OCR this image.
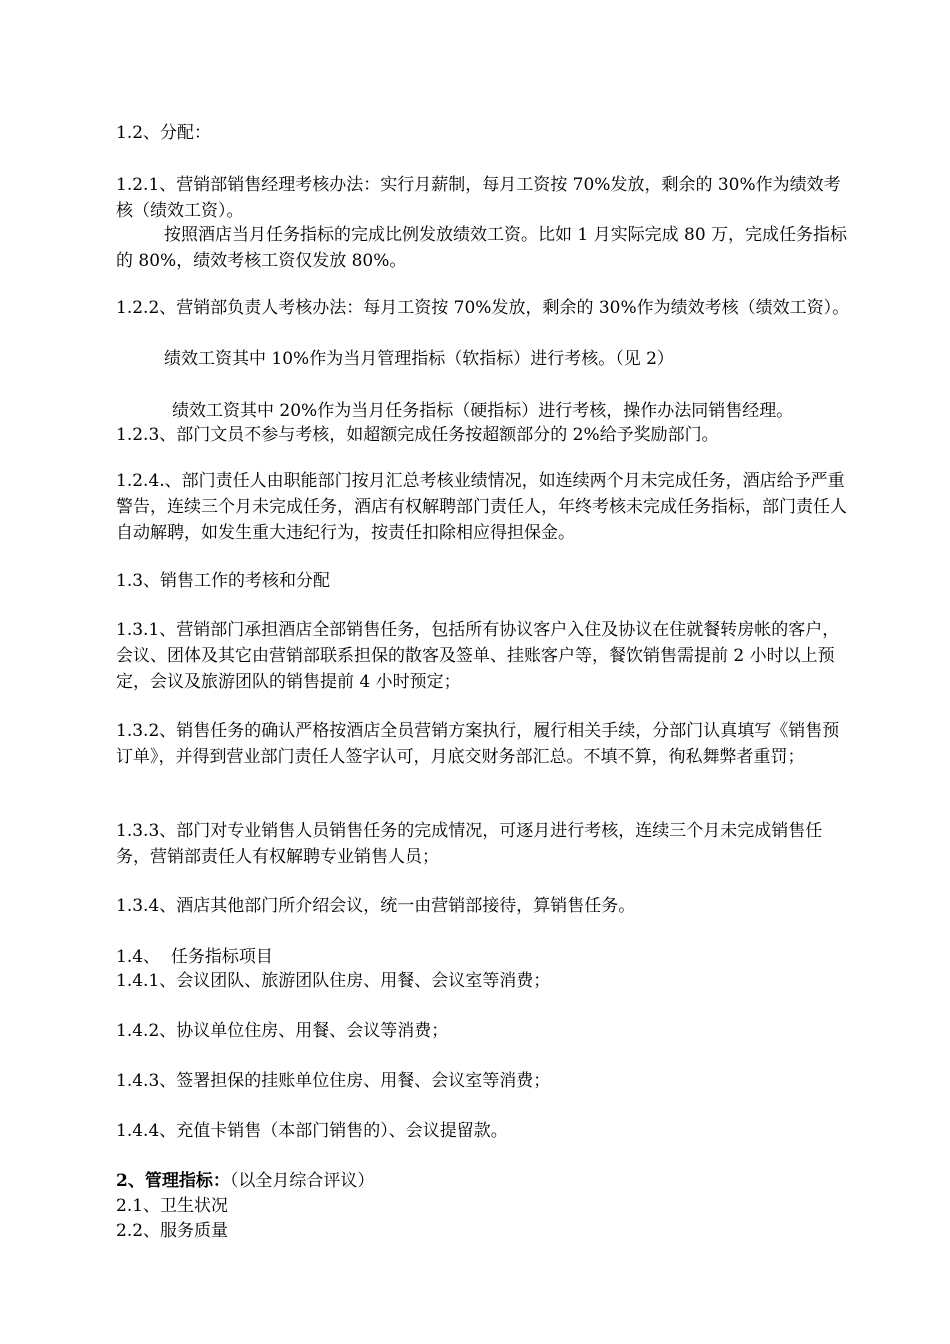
1.2、分配：
1.2.1、营销部销售经理考核办法：实行月薪制，每月工资按 70%发放，剩余的 30%作为绩效考核（绩效工资）。
按照酒店当月任务指标的完成比例发放绩效工资。比如 1 月实际完成 80 万，完成任务指标的 80%，绩效考核工资仅发放 80%。
1.2.2、营销部负责人考核办法：每月工资按 70%发放，剩余的 30%作为绩效考核（绩效工资）。
绩效工资其中 10%作为当月管理指标（软指标）进行考核。（见 2）
绩效工资其中 20%作为当月任务指标（硬指标）进行考核，操作办法同销售经理。
1.2.3、部门文员不参与考核，如超额完成任务按超额部分的 2%给予奖励部门。
1.2.4.、部门责任人由职能部门按月汇总考核业绩情况，如连续两个月未完成任务，酒店给予严重警告，连续三个月未完成任务，酒店有权解聘部门责任人，年终考核未完成任务指标，部门责任人自动解聘，如发生重大违纪行为，按责任扣除相应得担保金。
1.3、销售工作的考核和分配
1.3.1、营销部门承担酒店全部销售任务，包括所有协议客户入住及协议在住就餐转房帐的客户，会议、团体及其它由营销部联系担保的散客及签单、挂账客户等，餐饮销售需提前 2 小时以上预定，会议及旅游团队的销售提前 4 小时预定；
1.3.2、销售任务的确认严格按酒店全员营销方案执行，履行相关手续，分部门认真填写《销售预订单》，并得到营业部门责任人签字认可，月底交财务部汇总。不填不算，徇私舞弊者重罚；
1.3.3、部门对专业销售人员销售任务的完成情况，可逐月进行考核，连续三个月未完成销售任务，营销部责任人有权解聘专业销售人员；
1.3.4、酒店其他部门所介绍会议，统一由营销部接待，算销售任务。
1.4、  任务指标项目
1.4.1、会议团队、旅游团队住房、用餐、会议室等消费；
1.4.2、协议单位住房、用餐、会议等消费；
1.4.3、签署担保的挂账单位住房、用餐、会议室等消费；
1.4.4、充值卡销售（本部门销售的）、会议提留款。
2、管理指标：（以全月综合评议）
2.1、卫生状况
2.2、服务质量
